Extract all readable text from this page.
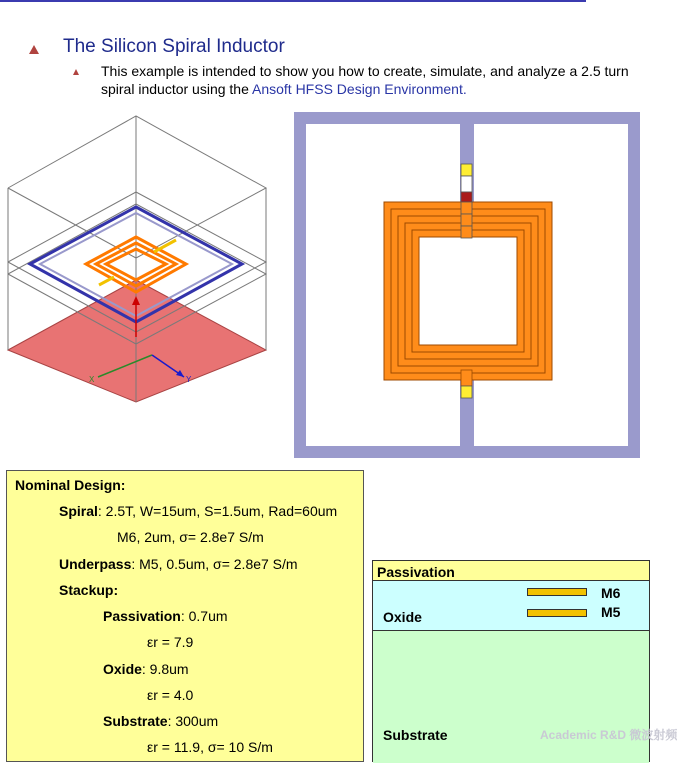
The Silicon Spiral Inductor
This example is intended to show you how to create, simulate, and analyze a 2.5 turn spiral inductor using the Ansoft HFSS Design Environment.
X	Y
Nominal Design:
Spiral: 2.5T, W=15um, S=1.5um, Rad=60um
M6, 2um, σ= 2.8e7 S/m
Underpass: M5, 0.5um, σ= 2.8e7 S/m
Stackup:
Passivation: 0.7um
εr = 7.9
Oxide: 9.8um
εr = 4.0
Substrate: 300um
εr = 11.9, σ= 10 S/m
Passivation
Oxide
Substrate
M6
M5
Academic R&D 微波射频
